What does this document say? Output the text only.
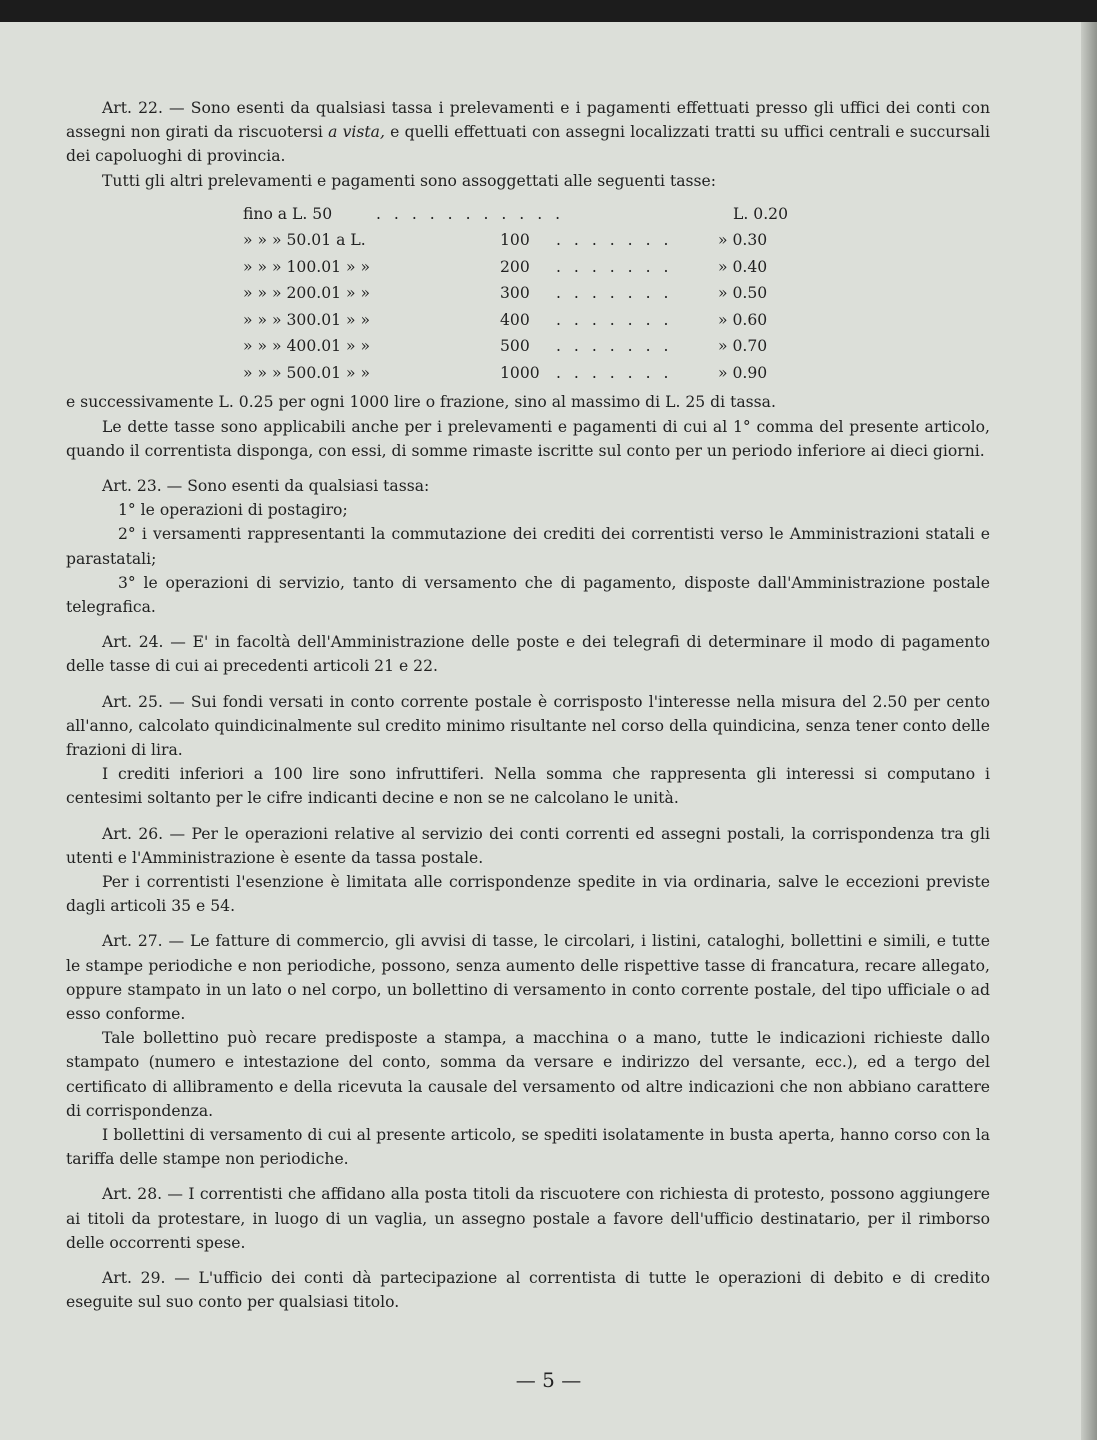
Art. 22. — Sono esenti da qualsiasi tassa i prelevamenti e i pagamenti effettuati presso gli uffici dei conti con assegni non girati da riscuotersi a vista, e quelli effettuati con assegni localizzati tratti su uffici centrali e succursali dei capoluoghi di provincia.

Tutti gli altri prelevamenti e pagamenti sono assoggettati alle seguenti tasse:

fino a L. 50	. . . . . . . . . . .	L. 0.20
» » » 50.01 a L.	100 . . . . . . .	» 0.30
» » » 100.01 » »	200 . . . . . . .	» 0.40
» » » 200.01 » »	300 . . . . . . .	» 0.50
» » » 300.01 » »	400 . . . . . . .	» 0.60
» » » 400.01 » »	500 . . . . . . .	» 0.70
» » » 500.01 » »	1000 . . . . . . .	» 0.90

e successivamente L. 0.25 per ogni 1000 lire o frazione, sino al massimo di L. 25 di tassa.

Le dette tasse sono applicabili anche per i prelevamenti e pagamenti di cui al 1° comma del presente articolo, quando il correntista disponga, con essi, di somme rimaste iscritte sul conto per un periodo inferiore ai dieci giorni.

Art. 23. — Sono esenti da qualsiasi tassa:

1° le operazioni di postagiro;

2° i versamenti rappresentanti la commutazione dei crediti dei correntisti verso le Amministrazioni statali e parastatali;

3° le operazioni di servizio, tanto di versamento che di pagamento, disposte dall'Amministrazione postale telegrafica.

Art. 24. — E' in facoltà dell'Amministrazione delle poste e dei telegrafi di determinare il modo di pagamento delle tasse di cui ai precedenti articoli 21 e 22.

Art. 25. — Sui fondi versati in conto corrente postale è corrisposto l'interesse nella misura del 2.50 per cento all'anno, calcolato quindicinalmente sul credito minimo risultante nel corso della quindicina, senza tener conto delle frazioni di lira.

I crediti inferiori a 100 lire sono infruttiferi. Nella somma che rappresenta gli interessi si computano i centesimi soltanto per le cifre indicanti decine e non se ne calcolano le unità.

Art. 26. — Per le operazioni relative al servizio dei conti correnti ed assegni postali, la corrispondenza tra gli utenti e l'Amministrazione è esente da tassa postale.

Per i correntisti l'esenzione è limitata alle corrispondenze spedite in via ordinaria, salve le eccezioni previste dagli articoli 35 e 54.

Art. 27. — Le fatture di commercio, gli avvisi di tasse, le circolari, i listini, cataloghi, bollettini e simili, e tutte le stampe periodiche e non periodiche, possono, senza aumento delle rispettive tasse di francatura, recare allegato, oppure stampato in un lato o nel corpo, un bollettino di versamento in conto corrente postale, del tipo ufficiale o ad esso conforme.

Tale bollettino può recare predisposte a stampa, a macchina o a mano, tutte le indicazioni richieste dallo stampato (numero e intestazione del conto, somma da versare e indirizzo del versante, ecc.), ed a tergo del certificato di allibramento e della ricevuta la causale del versamento od altre indicazioni che non abbiano carattere di corrispondenza.

I bollettini di versamento di cui al presente articolo, se spediti isolatamente in busta aperta, hanno corso con la tariffa delle stampe non periodiche.

Art. 28. — I correntisti che affidano alla posta titoli da riscuotere con richiesta di protesto, possono aggiungere ai titoli da protestare, in luogo di un vaglia, un assegno postale a favore dell'ufficio destinatario, per il rimborso delle occorrenti spese.

Art. 29. — L'ufficio dei conti dà partecipazione al correntista di tutte le operazioni di debito e di credito eseguite sul suo conto per qualsiasi titolo.

— 5 —
